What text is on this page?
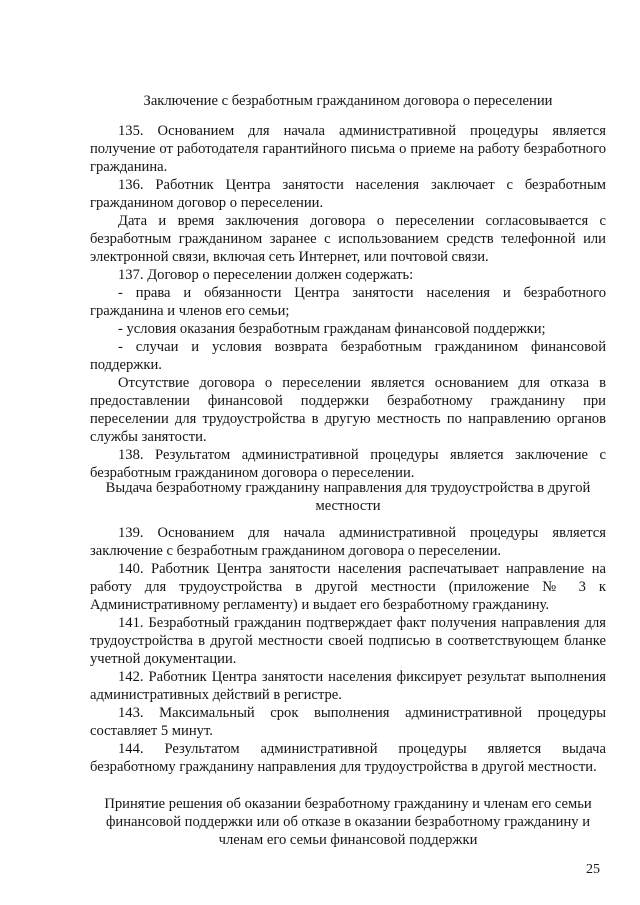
Заключение с безработным гражданином договора о переселении

135. Основанием для начала административной процедуры является получение от работодателя гарантийного письма о приеме на работу безработного гражданина.

136. Работник Центра занятости населения заключает с безработным гражданином договор о переселении.

Дата и время заключения договора о переселении согласовывается с безработным гражданином заранее с использованием средств телефонной или электронной связи, включая сеть Интернет, или почтовой связи.

137. Договор о переселении должен содержать:

- права и обязанности Центра занятости населения и безработного гражданина и членов его семьи;

- условия оказания безработным гражданам финансовой поддержки;

- случаи и условия возврата безработным гражданином финансовой поддержки.

Отсутствие договора о переселении является основанием для отказа в предоставлении финансовой поддержки безработному гражданину при переселении для трудоустройства в другую местность по направлению органов службы занятости.

138. Результатом административной процедуры является заключение с безработным гражданином договора о переселении.

Выдача безработному гражданину направления для трудоустройства в другой местности

139. Основанием для начала административной процедуры является заключение с безработным гражданином договора о переселении.

140. Работник Центра занятости населения распечатывает направление на работу для трудоустройства в другой местности (приложение № 3 к Административному регламенту) и выдает его безработному гражданину.

141. Безработный гражданин подтверждает факт получения направления для трудоустройства в другой местности своей подписью в соответствующем бланке учетной документации.

142. Работник Центра занятости населения фиксирует результат выполнения административных действий в регистре.

143. Максимальный срок выполнения административной процедуры составляет 5 минут.

144. Результатом административной процедуры является выдача безработному гражданину направления для трудоустройства в другой местности.

Принятие решения об оказании безработному гражданину и членам его семьи финансовой поддержки или об отказе в оказании безработному гражданину и членам его семьи финансовой поддержки

25
